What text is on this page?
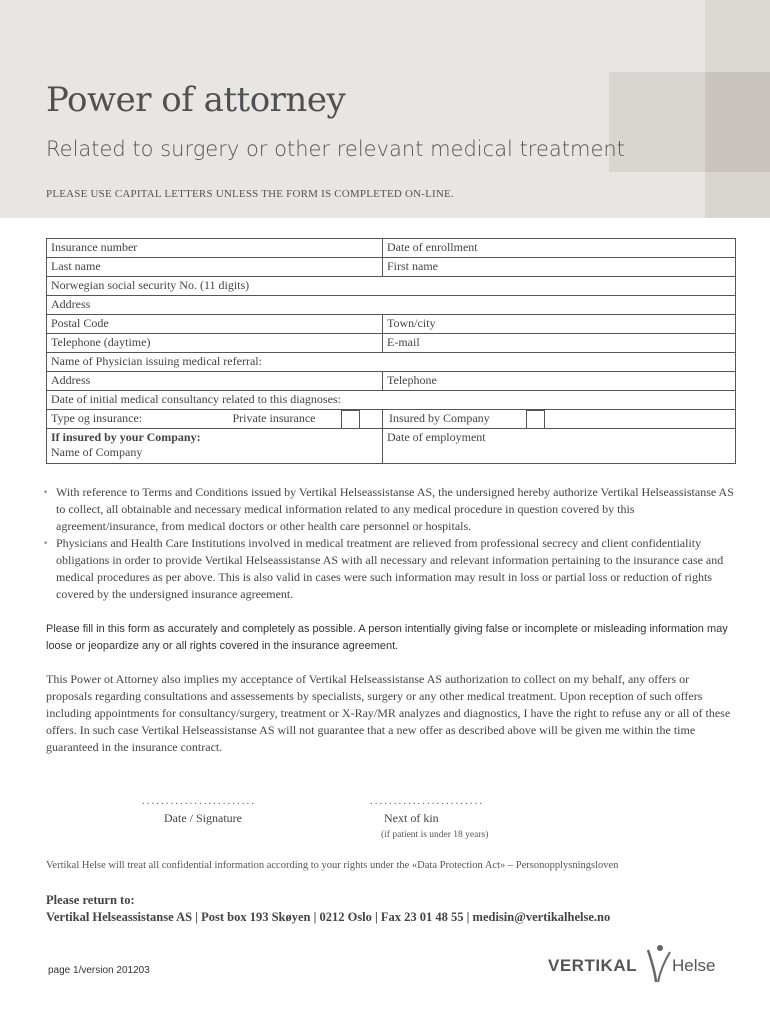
Power of attorney
Related to surgery or other relevant medical treatment
PLEASE USE CAPITAL LETTERS UNLESS THE FORM IS COMPLETED ON-LINE.
Insurance number	Date of enrollment
Last name	First name
Norwegian social security No. (11 digits)	
Address	
Postal Code	Town/city
Telephone (daytime)	E-mail
Name of Physician issuing medical referral:	
Address	Telephone
Date of initial medical consultancy related to this diagnoses:	
Type og insurance: Private insurance	Insured by Company

If insured by your Company:
Name of Company	Date of employment
• With reference to Terms and Conditions issued by Vertikal Helseassistanse AS, the undersigned hereby authorize Vertikal Helseassistanse AS to collect, all obtainable and necessary medical information related to any medical procedure in question covered by this agreement/insurance, from medical doctors or other health care personnel or hospitals.
• Physicians and Health Care Institutions involved in medical treatment are relieved from professional secrecy and client confidentiality obligations in order to provide Vertikal Helseassistanse AS with all necessary and relevant information pertaining to the insurance case and medical procedures as per above. This is also valid in cases were such information may result in loss or partial loss or reduction of rights covered by the undersigned insurance agreement.
Please fill in this form as accurately and completely as possible. A person intentially giving false or incomplete or misleading information may loose or jeopardize any or all rights covered in the insurance agreement.
This Power ot Attorney also implies my acceptance of Vertikal Helseassistanse AS authorization to collect on my behalf, any offers or proposals regarding consultations and assessements by specialists, surgery or any other medical treatment. Upon reception of such offers including appointments for consultancy/surgery, treatment or X-Ray/MR analyzes and diagnostics, I have the right to refuse any or all of these offers. In such case Vertikal Helseassistanse AS will not guarantee that a new offer as described above will be given me within the time guaranteed in the insurance contract.
........................	........................
Date / Signature	Next of kin
(if patient is under 18 years)
Vertikal Helse will treat all confidential information according to your rights under the «Data Protection Act» – Personopplysningsloven
Please return to:
Vertikal Helseassistanse AS | Post box 193 Skøyen | 0212 Oslo | Fax 23 01 48 55 | medisin@vertikalhelse.no
page 1/version 201203	VERTIKAL Helse
